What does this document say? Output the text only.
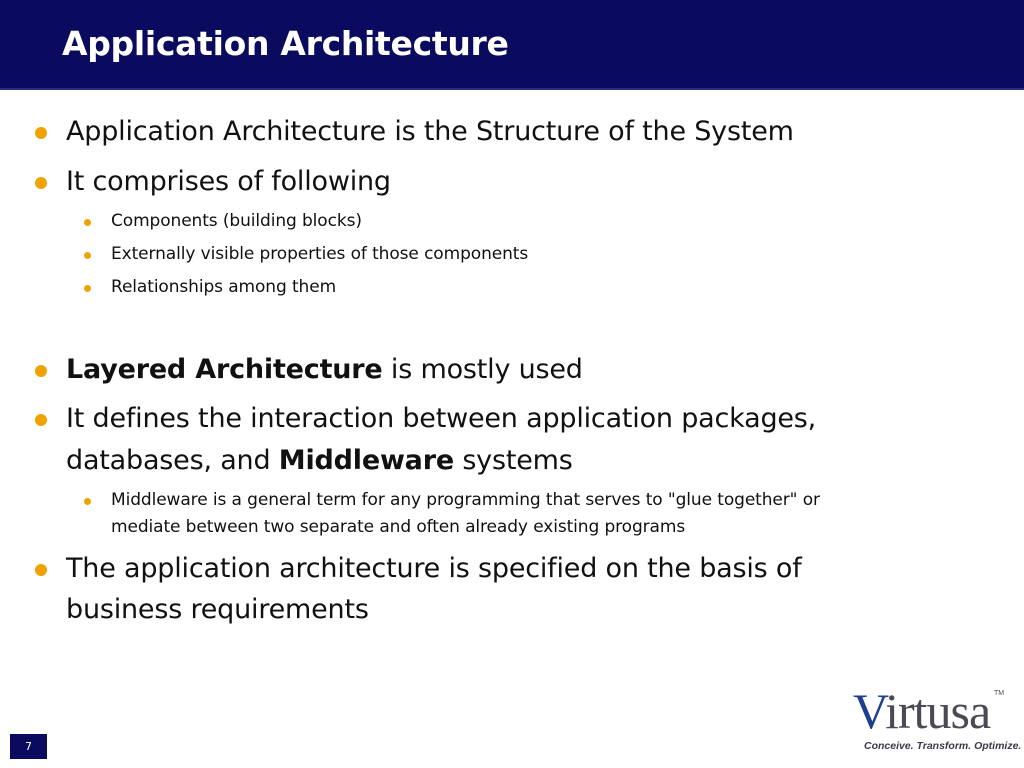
Application Architecture
Application Architecture is the Structure of the System
It comprises of following
Components (building blocks)
Externally visible properties of those components
Relationships among them
Layered Architecture is mostly used
It defines the interaction between application packages,
databases, and Middleware systems
Middleware is a general term for any programming that serves to "glue together" or
mediate between two separate and often already existing programs
The application architecture is specified on the basis of
business requirements
7
Virtusa TM
Conceive. Transform. Optimize.
